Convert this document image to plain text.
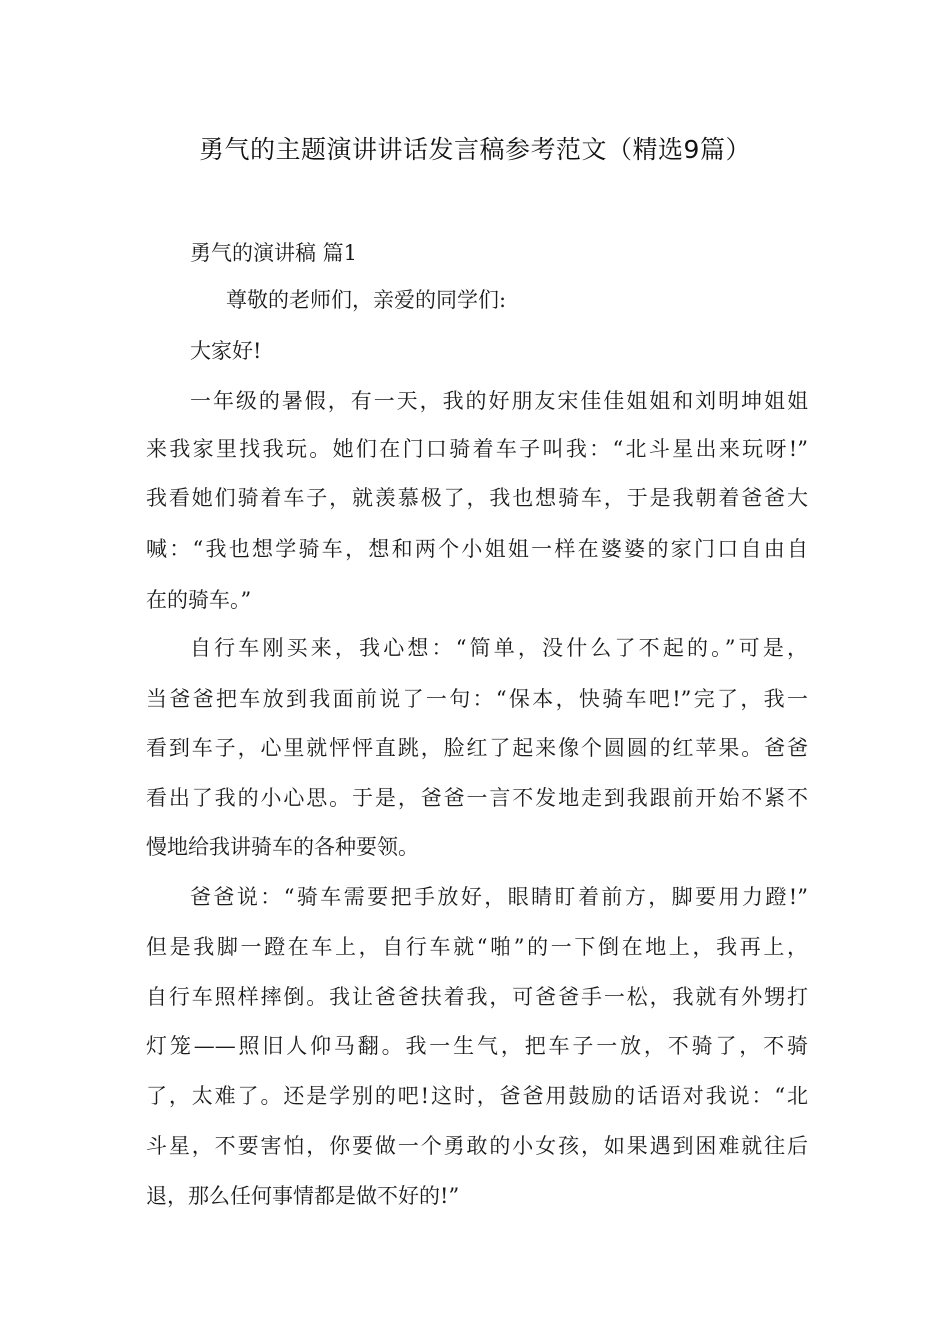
勇气的主题演讲讲话发言稿参考范文（精选9篇）
勇气的演讲稿 篇1
尊敬的老师们，亲爱的同学们:
大家好!
一年级的暑假，有一天，我的好朋友宋佳佳姐姐和刘明坤姐姐
来我家里找我玩。她们在门口骑着车子叫我：“北斗星出来玩呀!”
我看她们骑着车子，就羡慕极了，我也想骑车，于是我朝着爸爸大
喊：“我也想学骑车，想和两个小姐姐一样在婆婆的家门口自由自
在的骑车。”
自行车刚买来，我心想：“简单，没什么了不起的。”可是，
当爸爸把车放到我面前说了一句：“保本，快骑车吧!”完了，我一
看到车子，心里就怦怦直跳，脸红了起来像个圆圆的红苹果。爸爸
看出了我的小心思。于是，爸爸一言不发地走到我跟前开始不紧不
慢地给我讲骑车的各种要领。
爸爸说：“骑车需要把手放好，眼睛盯着前方，脚要用力蹬!”
但是我脚一蹬在车上，自行车就“啪”的一下倒在地上，我再上，
自行车照样摔倒。我让爸爸扶着我，可爸爸手一松，我就有外甥打
灯笼——照旧人仰马翻。我一生气，把车子一放，不骑了，不骑
了，太难了。还是学别的吧!这时，爸爸用鼓励的话语对我说：“北
斗星，不要害怕，你要做一个勇敢的小女孩，如果遇到困难就往后
退，那么任何事情都是做不好的!”
